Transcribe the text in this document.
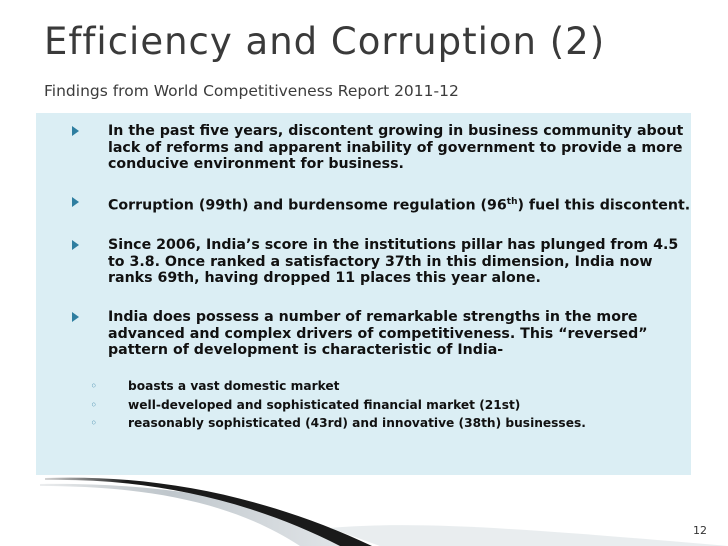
Efficiency and Corruption (2)

Findings from World Competitiveness Report 2011-12

In the past five years, discontent growing in business community about
lack of reforms and apparent inability of government to provide a more
conducive environment for business.
Corruption (99th) and burdensome regulation (96th) fuel this discontent.
Since 2006, India’s score in the institutions pillar has plunged from 4.5
to 3.8. Once ranked a satisfactory 37th in this dimension, India now
ranks 69th, having dropped 11 places this year alone.
India does possess a number of remarkable strengths in the more
advanced and complex drivers of competitiveness. This “reversed”
pattern of development is characteristic of India-
◦	boasts a vast domestic market
◦	well-developed and sophisticated financial market (21st)
◦	reasonably sophisticated (43rd) and innovative (38th) businesses.
12
